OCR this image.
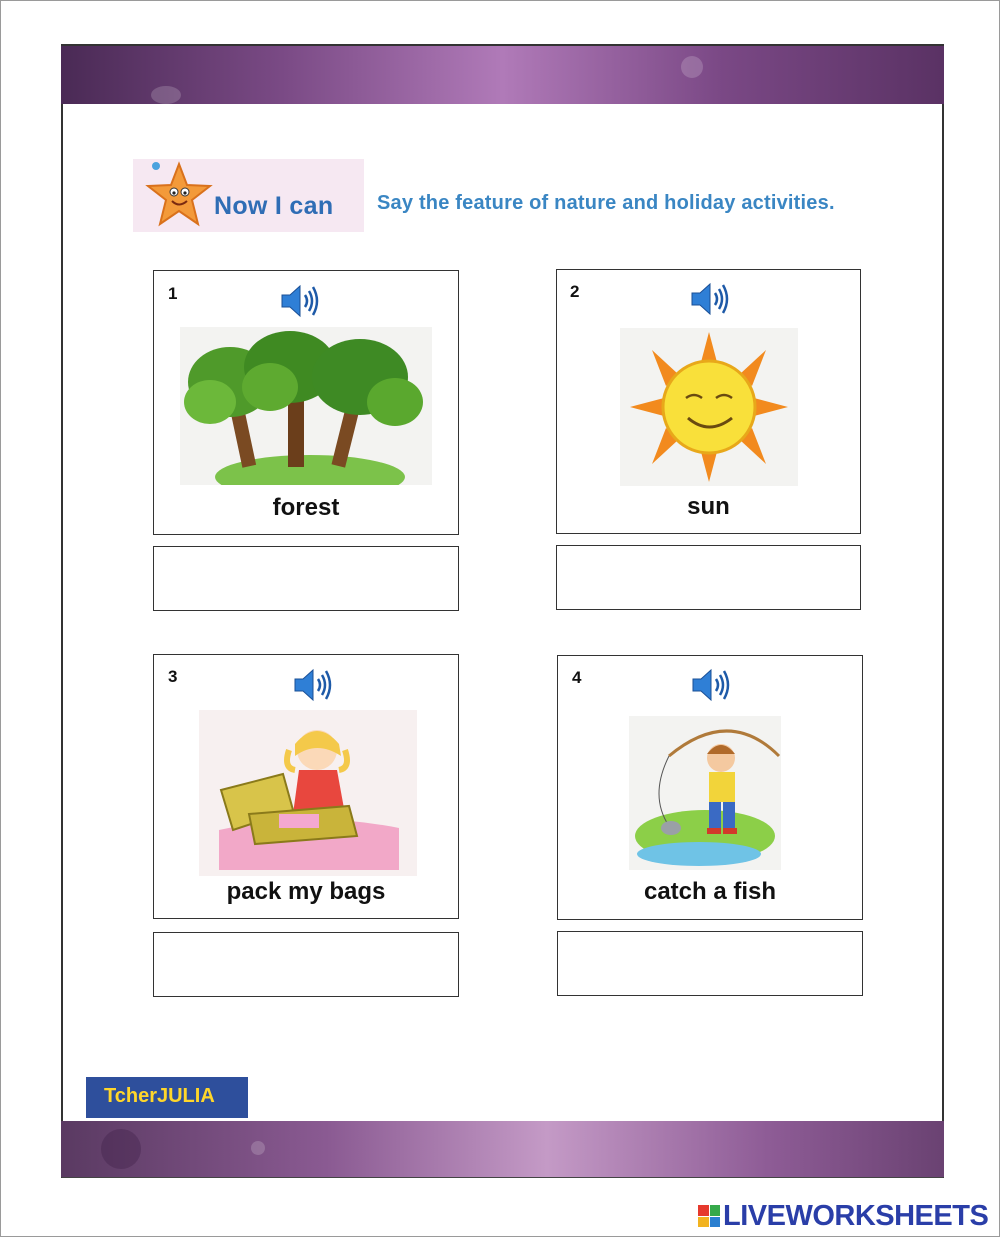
Now I can Say the feature of nature and holiday activities.
1
forest
2
sun
3
pack my bags
4
catch a fish
TcherJULIA
LIVEWORKSHEETS
